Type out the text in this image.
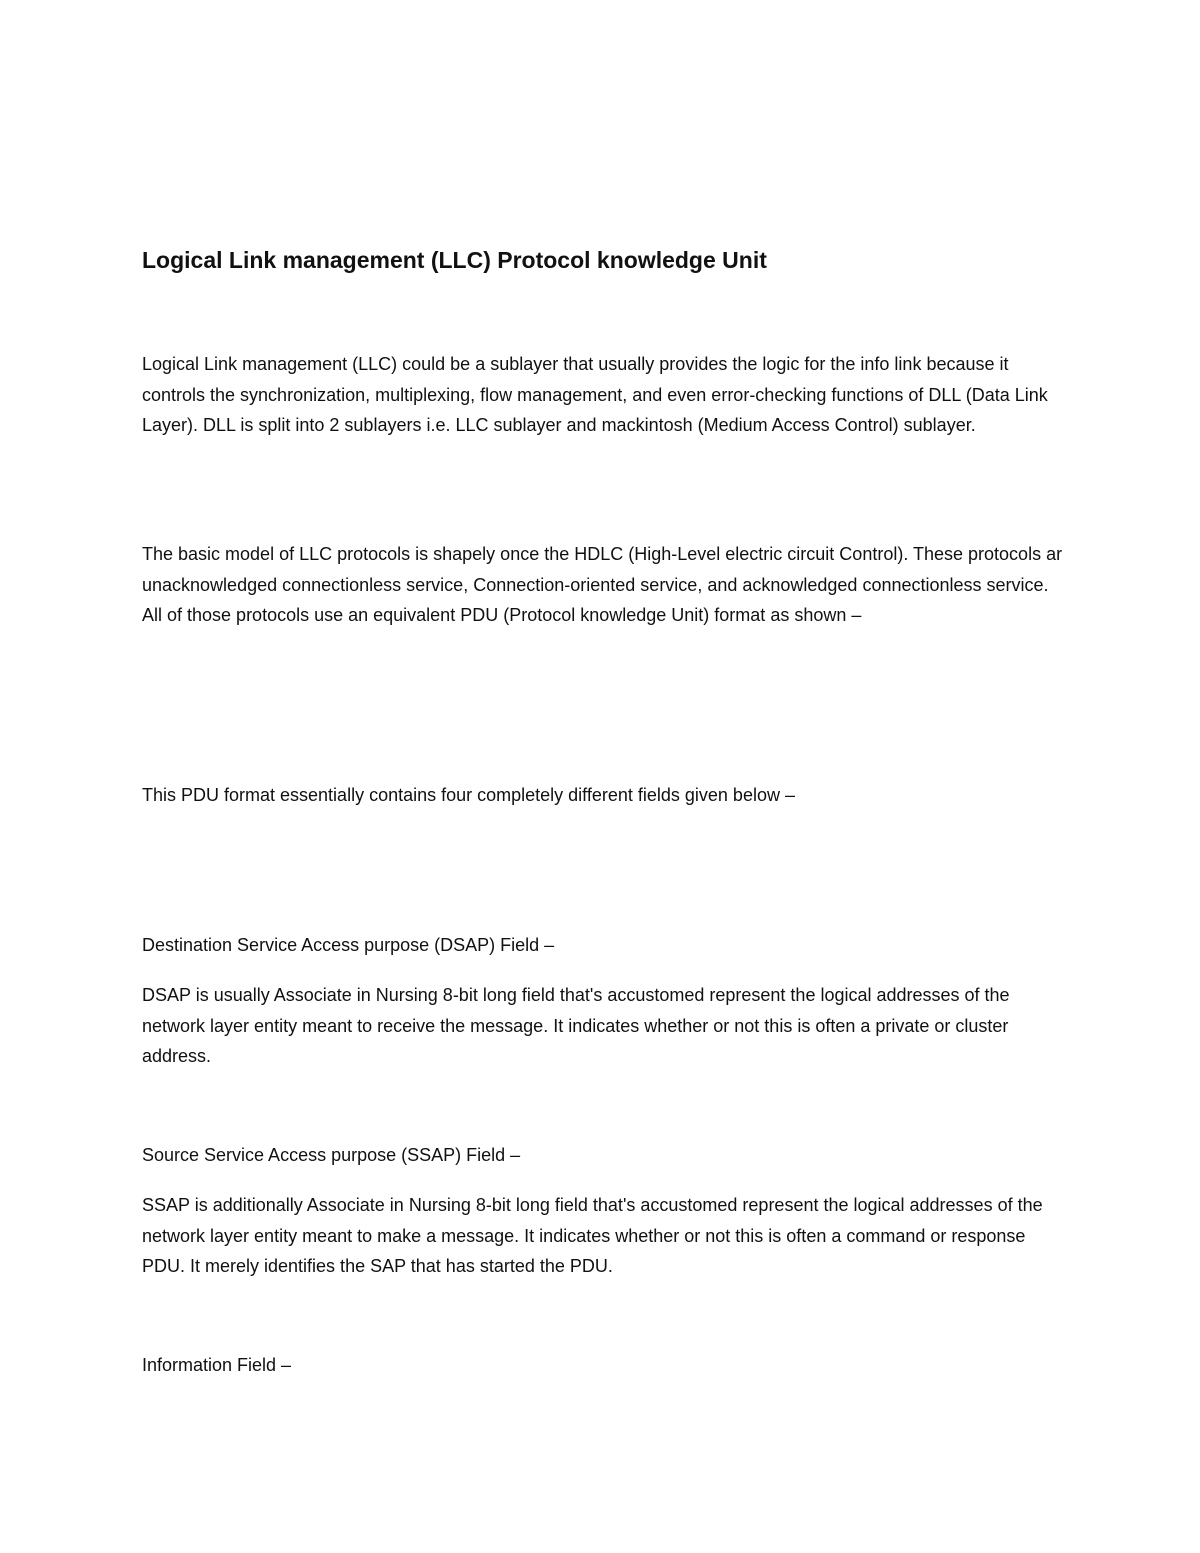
Logical Link management (LLC) Protocol knowledge Unit

Logical Link management (LLC) could be a sublayer that usually provides the logic for the info link because it controls the synchronization, multiplexing, flow management, and even error-checking functions of DLL (Data Link Layer). DLL is split into 2 sublayers i.e. LLC sublayer and mackintosh (Medium Access Control) sublayer.

The basic model of LLC protocols is shapely once the HDLC (High-Level electric circuit Control). These protocols ar unacknowledged connectionless service, Connection-oriented service, and acknowledged connectionless service. All of those protocols use an equivalent PDU (Protocol knowledge Unit) format as shown –

This PDU format essentially contains four completely different fields given below –

Destination Service Access purpose (DSAP) Field –

DSAP is usually Associate in Nursing 8-bit long field that's accustomed represent the logical addresses of the network layer entity meant to receive the message. It indicates whether or not this is often a private or cluster address.

Source Service Access purpose (SSAP) Field –

SSAP is additionally Associate in Nursing 8-bit long field that's accustomed represent the logical addresses of the network layer entity meant to make a message. It indicates whether or not this is often a command or response PDU. It merely identifies the SAP that has started the PDU.

Information Field –
